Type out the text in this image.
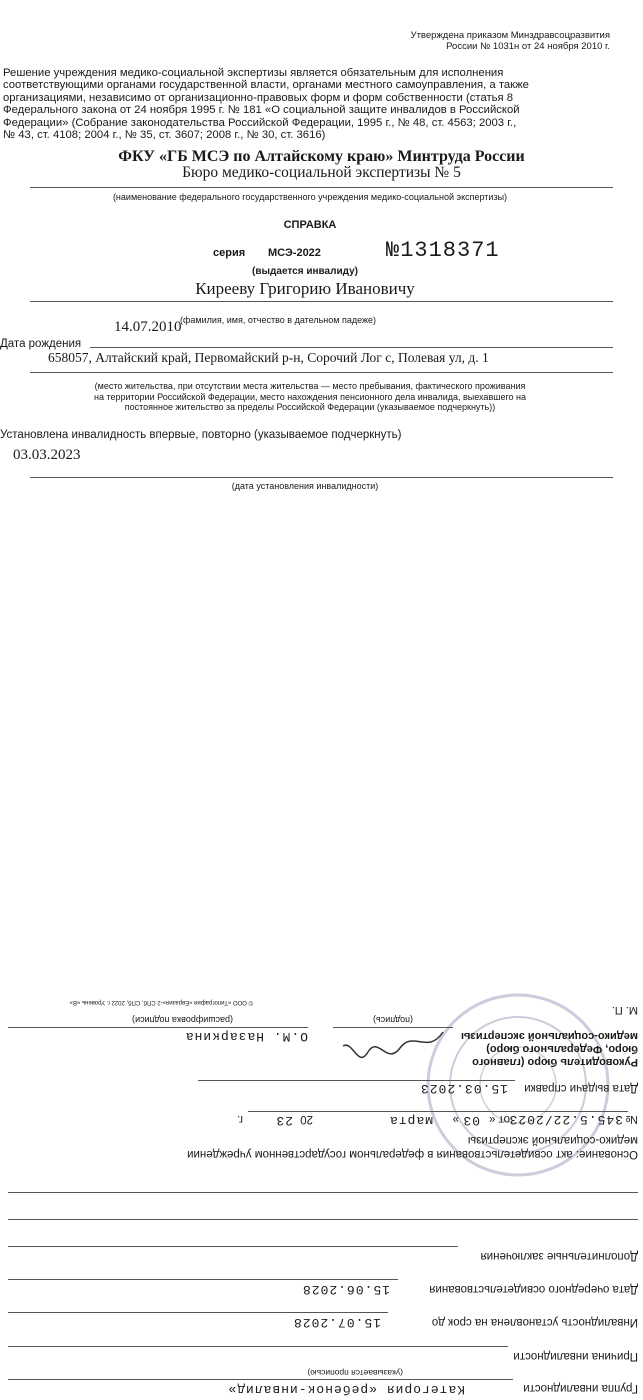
Утверждена приказом Минздравсоцразвития
России № 1031н от 24 ноября 2010 г.
Решение учреждения медико-социальной экспертизы является обязательным для исполнения
соответствующими органами государственной власти, органами местного самоуправления, а также
организациями, независимо от организационно-правовых форм и форм собственности (статья 8
Федерального закона от 24 ноября 1995 г. № 181 «О социальной защите инвалидов в Российской
Федерации» (Собрание законодательства Российской Федерации, 1995 г., № 48, ст. 4563; 2003 г.,
№ 43, ст. 4108; 2004 г., № 35, ст. 3607; 2008 г., № 30, ст. 3616)
ФКУ «ГБ МСЭ по Алтайскому краю» Минтруда России
Бюро медико-социальной экспертизы № 5
(наименование федерального государственного учреждения медико-социальной экспертизы)
СПРАВКА
серия МСЭ-2022	№1318371
(выдается инвалиду)
Кирееву Григорию Ивановичу
(фамилия, имя, отчество в дательном падеже)
14.07.2010
Дата рождения
658057, Алтайский край, Первомайский р-н, Сорочий Лог с, Полевая ул, д. 1
(место жительства, при отсутствии места жительства — место пребывания, фактического проживания
на территории Российской Федерации, место нахождения пенсионного дела инвалида, выехавшего на
постоянное жительство за пределы Российской Федерации (указываемое подчеркнуть))
Установлена инвалидность впервые, повторно (указываемое подчеркнуть)
03.03.2023
(дата установления инвалидности)
Группа инвалидности
Категория «ребенок-инвалид»
(указывается прописью)
Причина инвалидности
Инвалидность установлена на срок до
15.07.2028
Дата очередного освидетельствования
15.06.2028
Дополнительные заключения
Основание: акт освидетельствования в федеральном государственном учреждении
медико-социальной экспертизы
№
345.5.22/2023
от «
03
»
марта
20
23
г.
Дата выдачи справки
15.03.2023
Руководитель бюро (главного
бюро, Федерального бюро)
медико-социальной экспертизы
(подпись)
О.М. Назаркина
(расшифровка подписи)
М. П.
© ООО «Типография «Евразия»-2 СПб, СПб, 2022 г. Уровень «В»
